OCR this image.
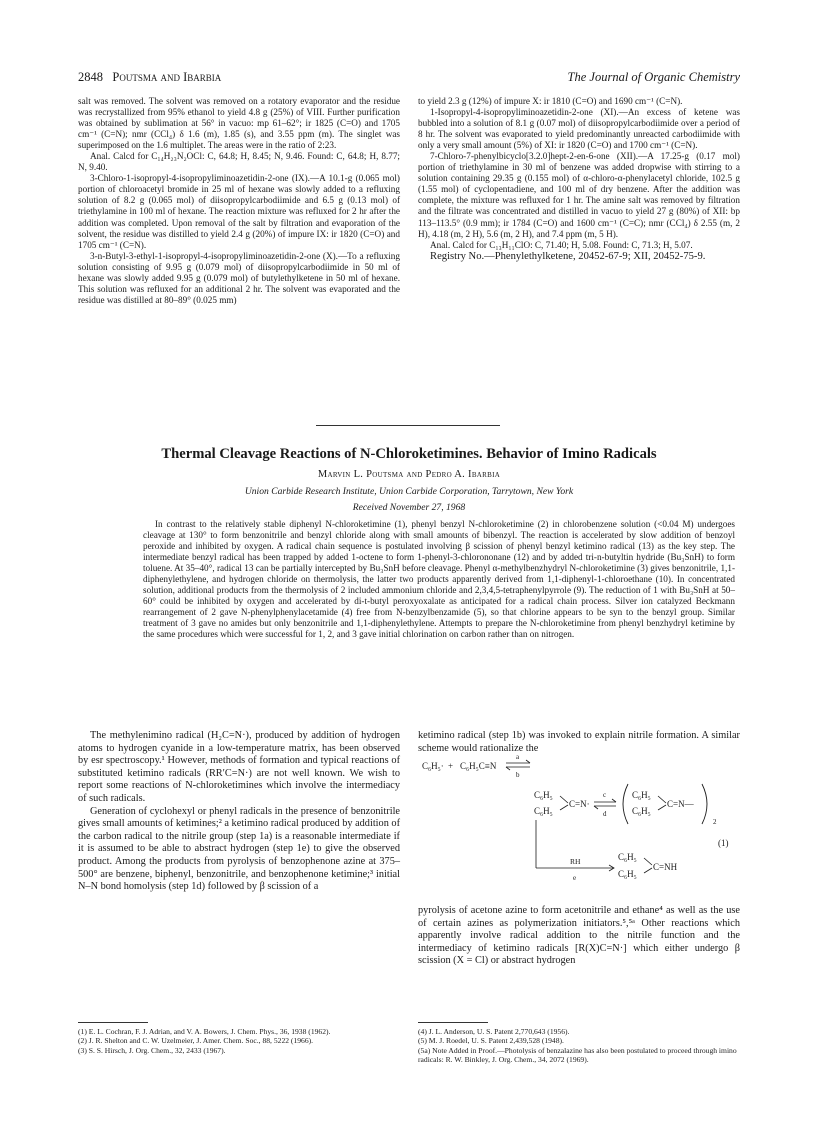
2848 Poutsma and Ibarbia	The Journal of Organic Chemistry

salt was removed. The solvent was removed on a rotatory evaporator and the residue was recrystallized from 95% ethanol to yield 4.8 g (25%) of VIII. Further purification was obtained by sublimation at 56° in vacuo: mp 61–62°; ir 1825 (C=O) and 1705 cm⁻¹ (C=N); nmr (CCl₄) δ 1.6 (m), 1.85 (s), and 3.55 ppm (m). The singlet was superimposed on the 1.6 multiplet. The areas were in the ratio of 2:23.

Anal. Calcd for C₁₄H₂₃N₂OCl: C, 64.8; H, 8.45; N, 9.46. Found: C, 64.8; H, 8.77; N, 9.40.

3-Chloro-1-isopropyl-4-isopropyliminoazetidin-2-one (IX).—A 10.1-g (0.065 mol) portion of chloroacetyl bromide in 25 ml of hexane was slowly added to a refluxing solution of 8.2 g (0.065 mol) of diisopropylcarbodiimide and 6.5 g (0.13 mol) of triethylamine in 100 ml of hexane. The reaction mixture was refluxed for 2 hr after the addition was completed. Upon removal of the salt by filtration and evaporation of the solvent, the residue was distilled to yield 2.4 g (20%) of impure IX: ir 1820 (C=O) and 1705 cm⁻¹ (C=N).

3-n-Butyl-3-ethyl-1-isopropyl-4-isopropyliminoazetidin-2-one (X).—To a refluxing solution consisting of 9.95 g (0.079 mol) of diisopropylcarbodiimide in 50 ml of hexane was slowly added 9.95 g (0.079 mol) of butylethylketene in 50 ml of hexane. This solution was refluxed for an additional 2 hr. The solvent was evaporated and the residue was distilled at 80–89° (0.025 mm)

to yield 2.3 g (12%) of impure X: ir 1810 (C=O) and 1690 cm⁻¹ (C=N).

1-Isopropyl-4-isopropyliminoazetidin-2-one (XI).—An excess of ketene was bubbled into a solution of 8.1 g (0.07 mol) of diisopropylcarbodiimide over a period of 8 hr. The solvent was evaporated to yield predominantly unreacted carbodiimide with only a very small amount (5%) of XI: ir 1820 (C=O) and 1700 cm⁻¹ (C=N).

7-Chloro-7-phenylbicyclo[3.2.0]hept-2-en-6-one (XII).—A 17.25-g (0.17 mol) portion of triethylamine in 30 ml of benzene was added dropwise with stirring to a solution containing 29.35 g (0.155 mol) of α-chloro-α-phenylacetyl chloride, 102.5 g (1.55 mol) of cyclopentadiene, and 100 ml of dry benzene. After the addition was complete, the mixture was refluxed for 1 hr. The amine salt was removed by filtration and the filtrate was concentrated and distilled in vacuo to yield 27 g (80%) of XII: bp 113–113.5° (0.9 mm); ir 1784 (C=O) and 1600 cm⁻¹ (C=C); nmr (CCl₄) δ 2.55 (m, 2 H), 4.18 (m, 2 H), 5.6 (m, 2 H), and 7.4 ppm (m, 5 H).

Anal. Calcd for C₁₃H₁₁ClO: C, 71.40; H, 5.08. Found: C, 71.3; H, 5.07.

Registry No.—Phenylethylketene, 20452-67-9; XII, 20452-75-9.

Thermal Cleavage Reactions of N-Chloroketimines. Behavior of Imino Radicals
Marvin L. Poutsma and Pedro A. Ibarbia
Union Carbide Research Institute, Union Carbide Corporation, Tarrytown, New York
Received November 27, 1968
In contrast to the relatively stable diphenyl N-chloroketimine (1), phenyl benzyl N-chloroketimine (2) in chlorobenzene solution (<0.04 M) undergoes cleavage at 130° to form benzonitrile and benzyl chloride along with small amounts of bibenzyl. The reaction is accelerated by slow addition of benzoyl peroxide and inhibited by oxygen. A radical chain sequence is postulated involving β scission of phenyl benzyl ketimino radical (13) as the key step. The intermediate benzyl radical has been trapped by added 1-octene to form 1-phenyl-3-chlorononane (12) and by added tri-n-butyltin hydride (Bu₃SnH) to form toluene. At 35–40°, radical 13 can be partially intercepted by Bu₃SnH before cleavage. Phenyl α-methylbenzhydryl N-chloroketimine (3) gives benzonitrile, 1,1-diphenylethylene, and hydrogen chloride on thermolysis, the latter two products apparently derived from 1,1-diphenyl-1-chloroethane (10). In concentrated solution, additional products from the thermolysis of 2 included ammonium chloride and 2,3,4,5-tetraphenylpyrrole (9). The reduction of 1 with Bu₃SnH at 50–60° could be inhibited by oxygen and accelerated by di-t-butyl peroxyoxalate as anticipated for a radical chain process. Silver ion catalyzed Beckmann rearrangement of 2 gave N-phenylphenylacetamide (4) free from N-benzylbenzamide (5), so that chlorine appears to be syn to the benzyl group. Similar treatment of 3 gave no amides but only benzonitrile and 1,1-diphenylethylene. Attempts to prepare the N-chloroketimine from phenyl benzhydryl ketimine by the same procedures which were successful for 1, 2, and 3 gave initial chlorination on carbon rather than on nitrogen.

The methylenimino radical (H₂C=N·), produced by addition of hydrogen atoms to hydrogen cyanide in a low-temperature matrix, has been observed by esr spectroscopy.¹ However, methods of formation and typical reactions of substituted ketimino radicals (RR′C=N·) are not well known. We wish to report some reactions of N-chloroketimines which involve the intermediacy of such radicals.

Generation of cyclohexyl or phenyl radicals in the presence of benzonitrile gives small amounts of ketimines;² a ketimino radical produced by addition of the carbon radical to the nitrile group (step 1a) is a reasonable intermediate if it is assumed to be able to abstract hydrogen (step 1e) to give the observed product. Among the products from pyrolysis of benzophenone azine at 375–500° are benzene, biphenyl, benzonitrile, and benzophenone ketimine;³ initial N–N bond homolysis (step 1d) followed by β scission of a

ketimino radical (step 1b) was invoked to explain nitrile formation. A similar scheme would rationalize the

C₆H₅· + C₆H₅C≡N
a
b
C₆H₅
C₆H₅
C=N·
c
d
C₆H₅
C₆H₅
C=N—
2
(1)
RH
e
C₆H₅
C₆H₅
C=NH

pyrolysis of acetone azine to form acetonitrile and ethane⁴ as well as the use of certain azines as polymerization initiators.⁵,⁵ᵃ Other reactions which apparently involve radical addition to the nitrile function and the intermediacy of ketimino radicals [R(X)C=N·] which either undergo β scission (X = Cl) or abstract hydrogen

(1) E. L. Cochran, F. J. Adrian, and V. A. Bowers, J. Chem. Phys., 36, 1938 (1962).

(2) J. R. Shelton and C. W. Uzelmeier, J. Amer. Chem. Soc., 88, 5222 (1966).

(3) S. S. Hirsch, J. Org. Chem., 32, 2433 (1967).

(4) J. L. Anderson, U. S. Patent 2,770,643 (1956).

(5) M. J. Roedel, U. S. Patent 2,439,528 (1948).

(5a) Note Added in Proof.—Photolysis of benzalazine has also been postulated to proceed through imino radicals: R. W. Binkley, J. Org. Chem., 34, 2072 (1969).
